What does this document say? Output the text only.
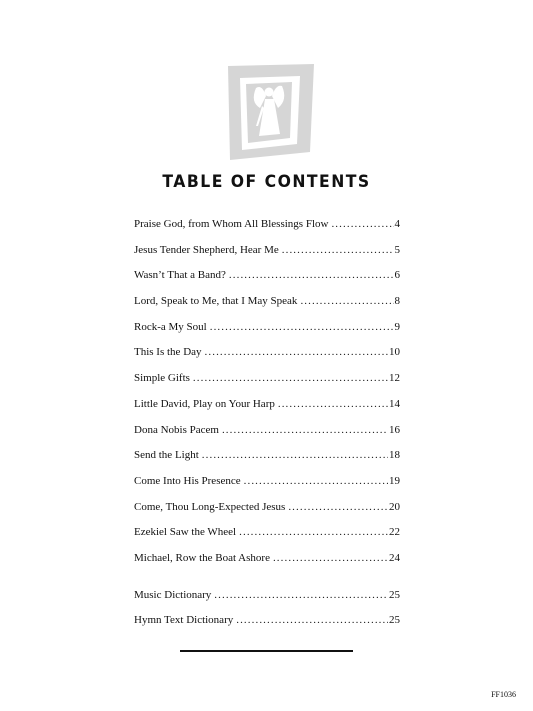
TABLE OF CONTENTS
Praise God, from Whom All Blessings Flow .....	4
Jesus Tender Shepherd, Hear Me .....	5
Wasn’t That a Band? .....	6
Lord, Speak to Me, that I May Speak .....	8
Rock-a My Soul .....	9
This Is the Day .....	10
Simple Gifts .....	12
Little David, Play on Your Harp .....	14
Dona Nobis Pacem .....	16
Send the Light .....	18
Come Into His Presence .....	19
Come, Thou Long-Expected Jesus .....	20
Ezekiel Saw the Wheel .....	22
Michael, Row the Boat Ashore .....	24
Music Dictionary .....	25
Hymn Text Dictionary .....	25
FF1036
